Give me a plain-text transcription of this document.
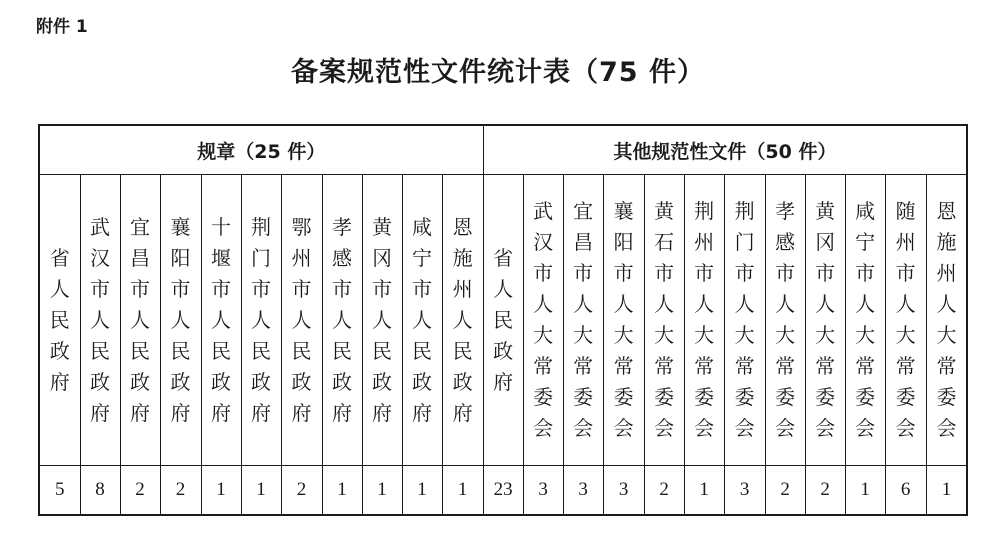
附件 1
备案规范性文件统计表（75 件）
规章（25 件）											其他规范性文件（50 件）											
省人民政府	武汉市人民政府	宜昌市人民政府	襄阳市人民政府	十堰市人民政府	荆门市人民政府	鄂州市人民政府	孝感市人民政府	黄冈市人民政府	咸宁市人民政府	恩施州人民政府	省人民政府	武汉市人大常委会	宜昌市人大常委会	襄阳市人大常委会	黄石市人大常委会	荆州市人大常委会	荆门市人大常委会	孝感市人大常委会	黄冈市人大常委会	咸宁市人大常委会	随州市人大常委会	恩施州人大常委会
5	8	2	2	1	1	2	1	1	1	1	23	3	3	3	2	1	3	2	2	1	6	1
